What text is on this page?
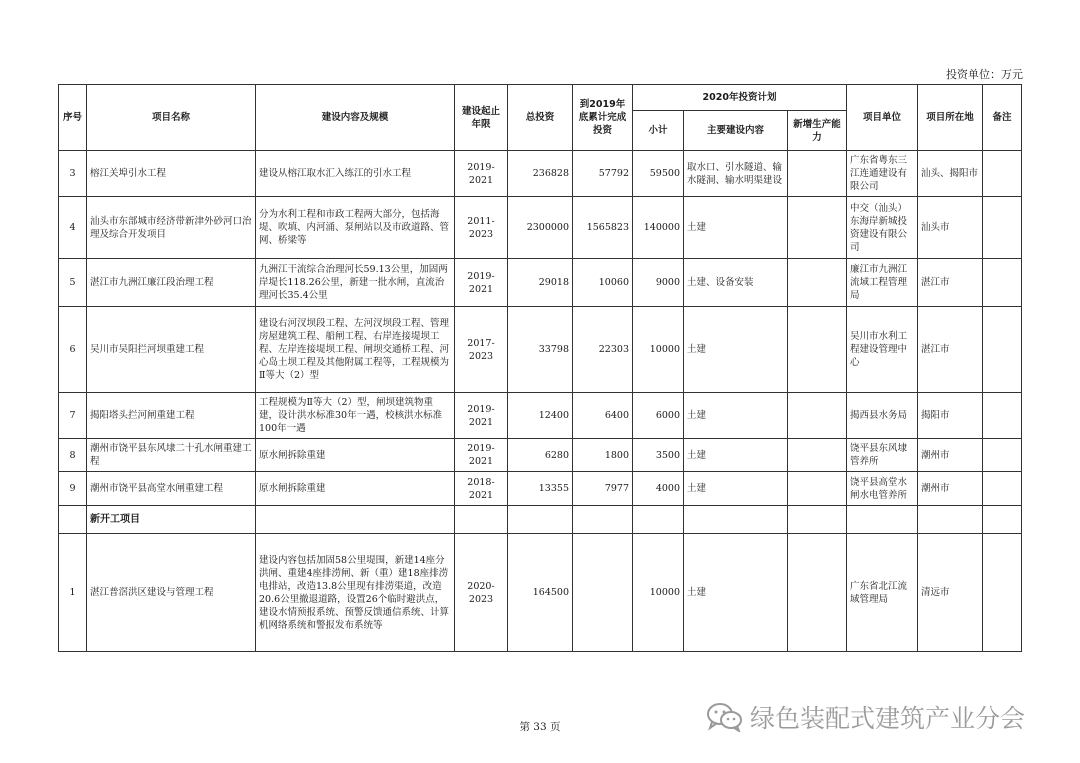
投资单位：万元
序号	项目名称	建设内容及规模	建设起止年限	总投资	到2019年底累计完成投资	2020年投资计划			项目单位	项目所在地	备注
						小计	主要建设内容	新增生产能力			
3	榕江关埠引水工程	建设从榕江取水汇入练江的引水工程	2019-2021	236828	57792	59500	取水口、引水隧道、输水隧洞、输水明渠建设		广东省粤东三江连通建设有限公司	汕头、揭阳市	
4	汕头市东部城市经济带新津外砂河口治理及综合开发项目	分为水利工程和市政工程两大部分，包括海堤、吹填、内河涌、泵闸站以及市政道路、管网、桥梁等	2011-2023	2300000	1565823	140000	土建		中交（汕头）东海岸新城投资建设有限公司	汕头市	
5	湛江市九洲江廉江段治理工程	九洲江干流综合治理河长59.13公里，加固两岸堤长118.26公里，新建一批水闸，直流治理河长35.4公里	2019-2021	29018	10060	9000	土建、设备安装		廉江市九洲江流域工程管理局	湛江市	
6	吴川市吴阳拦河坝重建工程	建设右河汊坝段工程、左河汊坝段工程、管理房屋建筑工程、船闸工程、右岸连接堤坝工程、左岸连接堤坝工程、闸坝交通桥工程、河心岛土坝工程及其他附属工程等，工程规模为Ⅱ等大（2）型	2017-2023	33798	22303	10000	土建		吴川市水利工程建设管理中心	湛江市	
7	揭阳塔头拦河闸重建工程	工程规模为Ⅱ等大（2）型，闸坝建筑物重建，设计洪水标准30年一遇，校核洪水标准100年一遇	2019-2021	12400	6400	6000	土建		揭西县水务局	揭阳市	
8	潮州市饶平县东风埭二十孔水闸重建工程	原水闸拆除重建	2019-2021	6280	1800	3500	土建		饶平县东风埭管养所	潮州市	
9	潮州市饶平县高堂水闸重建工程	原水闸拆除重建	2018-2021	13355	7977	4000	土建		饶平县高堂水闸水电管养所	潮州市	
	新开工项目										
1	湛江普滘洪区建设与管理工程	建设内容包括加固58公里堤围，新建14座分洪闸、重建4座排涝闸、新（重）建18座排涝电排站，改造13.8公里现有排涝渠道，改造20.6公里撤退道路，设置26个临时避洪点，建设水情预报系统、预警反馈通信系统、计算机网络系统和警报发布系统等	2020-2023	164500		10000	土建		广东省北江流域管理局	清远市	
绿色装配式建筑产业分会
第 33 页
